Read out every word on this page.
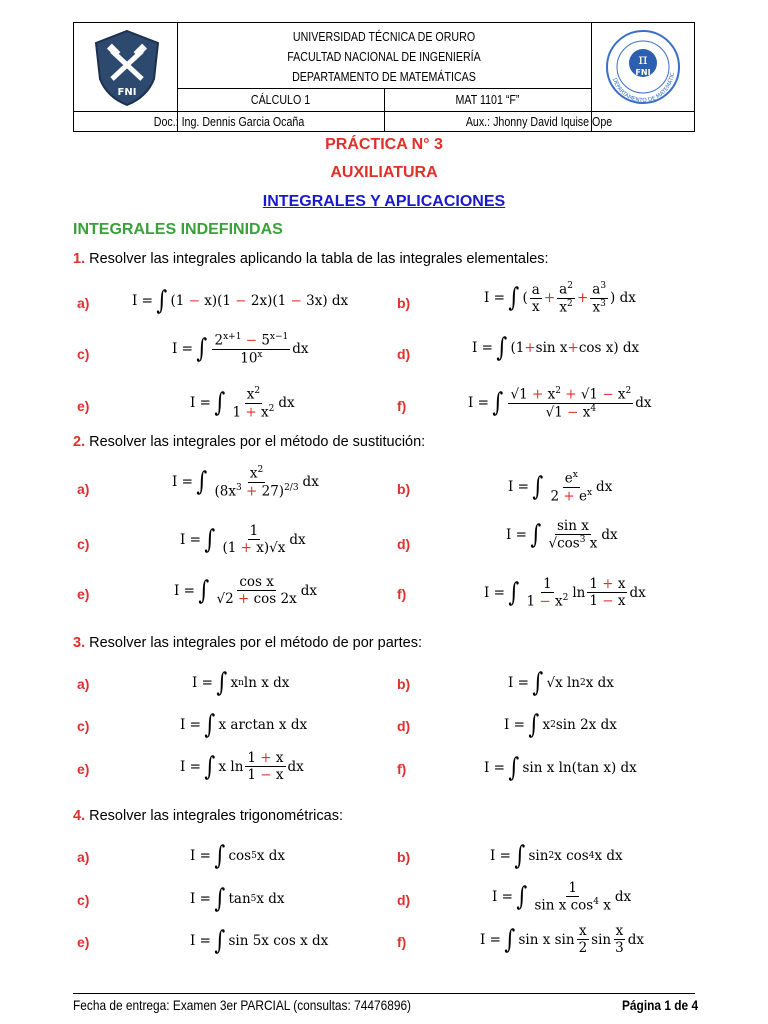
FNI
UNIVERSIDAD TÉCNICA DE ORURO
FACULTAD NACIONAL DE INGENIERÍA
DEPARTAMENTO DE MATEMÁTICAS
CÁLCULO 1	MAT 1101 “F”
Doc.: Ing. Dennis Garcia Ocaña	Aux.: Jhonny David Iquise Ope
π
FNI
DEPARTAMENTO DE MATEMÁTIC
PRÁCTICA N° 3
AUXILIATURA
INTEGRALES Y APLICACIONES
INTEGRALES INDEFINIDAS
1. Resolver las integrales aplicando la tabla de las integrales elementales:
a)	I = ∫ (1 − x)(1 − 2x)(1 − 3x) dx	b)	I = ∫ (
a
x
+ $\frac{a^2}{x^2} + \frac{a^3}{x^3}$ ) dx
c)	I = ∫ $2^{x+1} - 5^{x-1}$
10$^x$ dx	d)	I = ∫ (1 + sin x + cos x) dx
e)	I = ∫ $x^2$
$1 + x^2$ dx	f)	I = ∫ $√1 + x^2 + √1 - x^2$
$√1 - x^4$	dx
2. Resolver las integrales por el método de sustitución:
a)	I = ∫	$x^2$
$(8x^3 + 27)^{2/3}$ dx	b)	I = ∫ $e^x$
$2 + e^x$ dx
c)	I = ∫	1
(1 + x)√x
dx	d)
I = ∫ sin x
$√\cos^3$ x
dx
e)	I = ∫ cos x
√2 + cos 2x
dx	f)	I = ∫ 1
$1 - x^2$ ln
1 + x
1 − x
dx
3. Resolver las integrales por el método de por partes:
a)	I = ∫ x n ln x dx	b)	I = ∫ √x ln 2 x dx
c)	I = ∫ x arctan x dx	d)	I = ∫ x 2 sin 2x dx
e)	I = ∫ x ln
1 + x
1 − x
dx	f)	I = ∫ sin x ln(tan x) dx
4. Resolver las integrales trigonométricas:
a)	I = ∫ cos 5 x dx	b)	I = ∫ sin 2 x cos 4 x dx
c)	I = ∫ tan 5 x dx	d)	I = ∫	1
sin x $\cos^4 x$
dx
e)	I = ∫ sin 5x cos x dx	f)	I = ∫ sin x sin
x
2
sin
x
3
dx
Fecha de entrega: Examen 3er PARCIAL (consultas: 74476896)	Página 1 de 4
